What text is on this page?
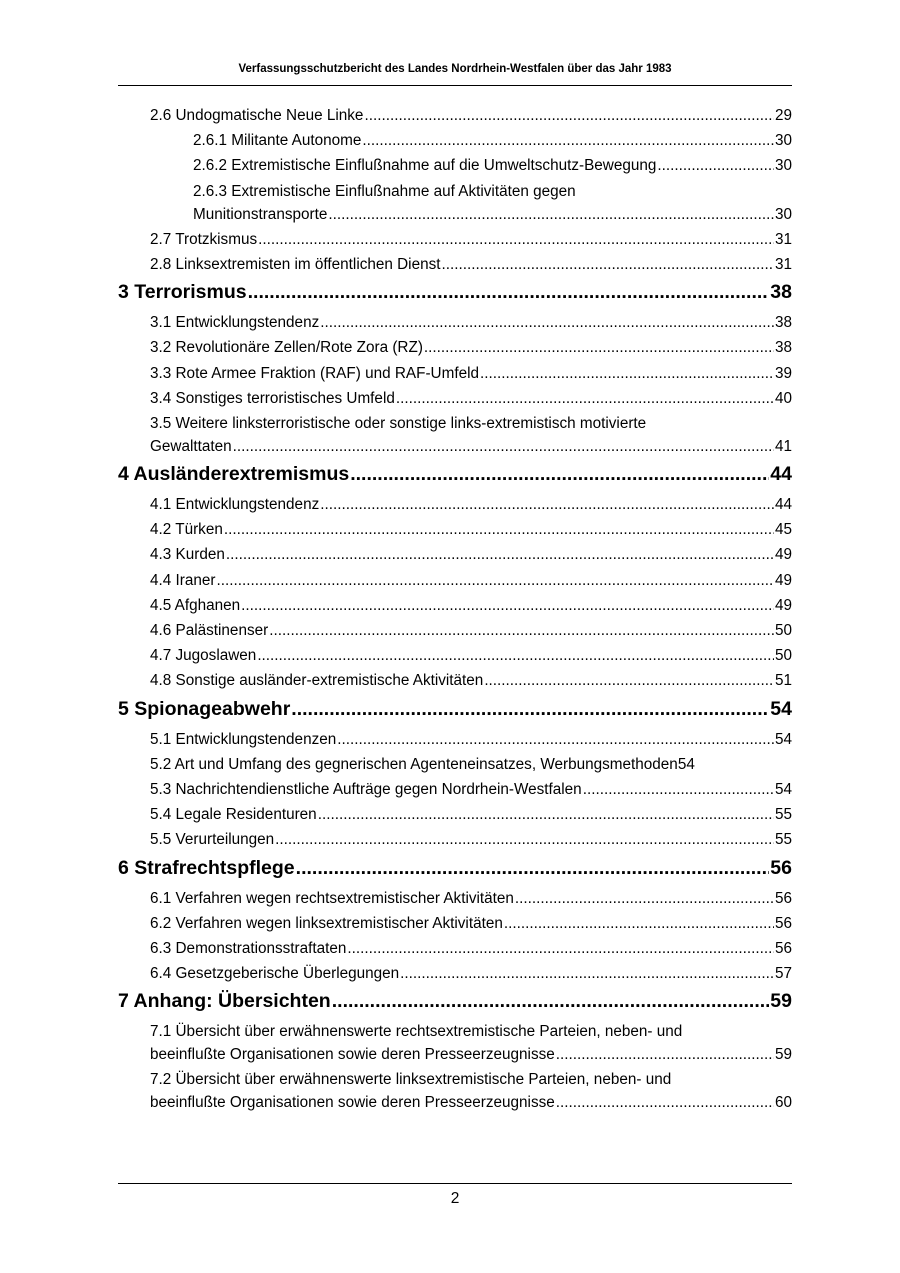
Verfassungsschutzbericht des Landes Nordrhein-Westfalen über das Jahr 1983
2.6 Undogmatische Neue Linke .....	29
2.6.1 Militante Autonome .....	30
2.6.2 Extremistische Einflußnahme auf die Umweltschutz-Bewegung .....	30
2.6.3 Extremistische Einflußnahme auf Aktivitäten gegen
Munitionstransporte .....	30
2.7 Trotzkismus .....	31
2.8 Linksextremisten im öffentlichen Dienst .....	31
3 Terrorismus .....	38
3.1 Entwicklungstendenz .....	38
3.2 Revolutionäre Zellen/Rote Zora (RZ) .....	38
3.3 Rote Armee Fraktion (RAF) und RAF-Umfeld .....	39
3.4 Sonstiges terroristisches Umfeld .....	40
3.5 Weitere linksterroristische oder sonstige links-extremistisch motivierte
Gewalttaten .....	41
4 Ausländerextremismus .....	44
4.1 Entwicklungstendenz .....	44
4.2 Türken .....	45
4.3 Kurden .....	49
4.4 Iraner .....	49
4.5 Afghanen .....	49
4.6 Palästinenser .....	50
4.7 Jugoslawen .....	50
4.8 Sonstige ausländer-extremistische Aktivitäten .....	51
5 Spionageabwehr .....	54
5.1 Entwicklungstendenzen .....	54
5.2 Art und Umfang des gegnerischen Agenteneinsatzes, Werbungsmethoden 54
5.3 Nachrichtendienstliche Aufträge gegen Nordrhein-Westfalen .....	54
5.4 Legale Residenturen .....	55
5.5 Verurteilungen .....	55
6 Strafrechtspflege .....	56
6.1 Verfahren wegen rechtsextremistischer Aktivitäten .....	56
6.2 Verfahren wegen linksextremistischer Aktivitäten .....	56
6.3 Demonstrationsstraftaten .....	56
6.4 Gesetzgeberische Überlegungen .....	57
7 Anhang: Übersichten .....	59
7.1 Übersicht über erwähnenswerte rechtsextremistische Parteien, neben- und
beeinflußte Organisationen sowie deren Presseerzeugnisse .....	59
7.2 Übersicht über erwähnenswerte linksextremistische Parteien, neben- und
beeinflußte Organisationen sowie deren Presseerzeugnisse .....	60
2
